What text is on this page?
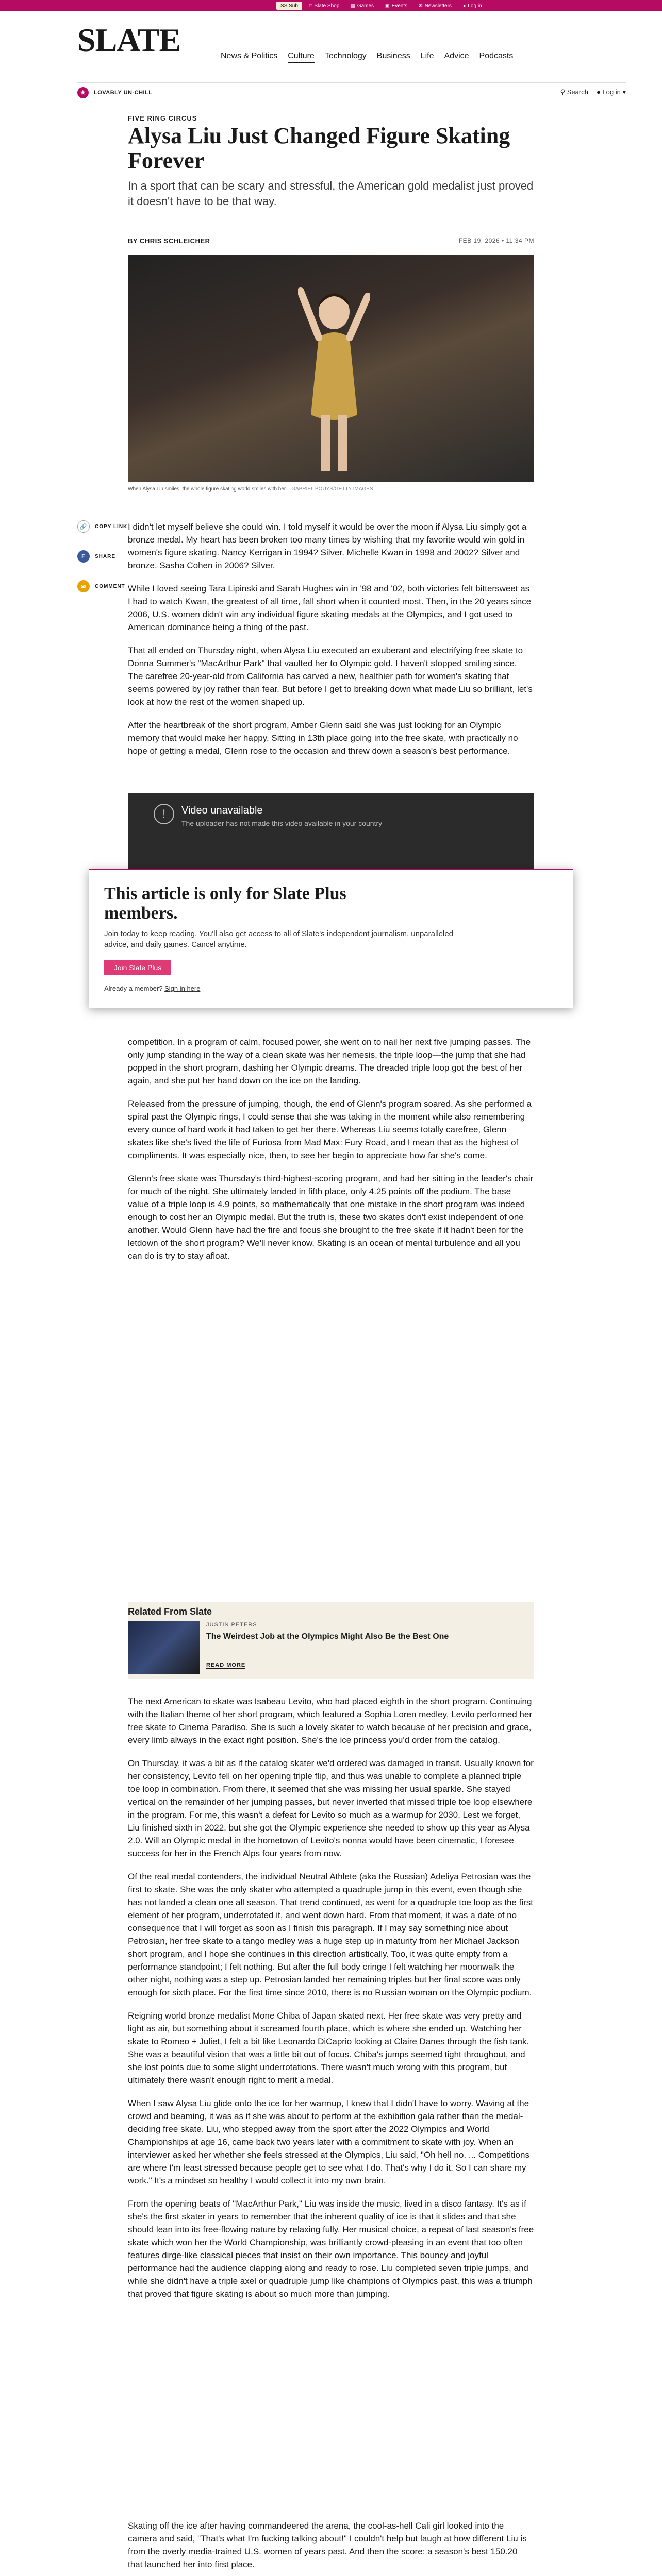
SS Sub □ Slate Shop ▦ Games ▣ Events ✉ Newsletters ● Log in
SLATE	News & Politics Culture Technology Business Life Advice Podcasts
★	LOVABLY UN-CHILL	⚲ Search ● Log in ▾
FIVE RING CIRCUS
Alysa Liu Just Changed Figure Skating Forever
In a sport that can be scary and stressful, the American gold medalist just proved it doesn't have to be that way.
BY CHRIS SCHLEICHER	FEB 19, 2026 • 11:34 PM
When Alysa Liu smiles, the whole figure skating world smiles with her. GABRIEL BOUYS/GETTY IMAGES
🔗	COPY LINK
F	SHARE
✉	COMMENT

I didn't let myself believe she could win. I told myself it would be over the moon if Alysa Liu simply got a bronze medal. My heart has been broken too many times by wishing that my favorite would win gold in women's figure skating. Nancy Kerrigan in 1994? Silver. Michelle Kwan in 1998 and 2002? Silver and bronze. Sasha Cohen in 2006? Silver.

While I loved seeing Tara Lipinski and Sarah Hughes win in '98 and '02, both victories felt bittersweet as I had to watch Kwan, the greatest of all time, fall short when it counted most. Then, in the 20 years since 2006, U.S. women didn't win any individual figure skating medals at the Olympics, and I got used to American dominance being a thing of the past.

That all ended on Thursday night, when Alysa Liu executed an exuberant and electrifying free skate to Donna Summer's "MacArthur Park" that vaulted her to Olympic gold. I haven't stopped smiling since. The carefree 20-year-old from California has carved a new, healthier path for women's skating that seems powered by joy rather than fear. But before I get to breaking down what made Liu so brilliant, let's look at how the rest of the women shaped up.

After the heartbreak of the short program, Amber Glenn said she was just looking for an Olympic memory that would make her happy. Sitting in 13th place going into the free skate, with practically no hope of getting a medal, Glenn rose to the occasion and threw down a season's best performance.

!	Video unavailable
The uploader has not made this video available in your country
This article is only for Slate Plus members.
Join today to keep reading. You'll also get access to all of Slate's independent journalism, unparalleled advice, and daily games. Cancel anytime.
Join Slate Plus
Already a member? Sign in here

competition. In a program of calm, focused power, she went on to nail her next five jumping passes. The only jump standing in the way of a clean skate was her nemesis, the triple loop—the jump that she had popped in the short program, dashing her Olympic dreams. The dreaded triple loop got the best of her again, and she put her hand down on the ice on the landing.

Released from the pressure of jumping, though, the end of Glenn's program soared. As she performed a spiral past the Olympic rings, I could sense that she was taking in the moment while also remembering every ounce of hard work it had taken to get her there. Whereas Liu seems totally carefree, Glenn skates like she's lived the life of Furiosa from Mad Max: Fury Road, and I mean that as the highest of compliments. It was especially nice, then, to see her begin to appreciate how far she's come.

Glenn's free skate was Thursday's third-highest-scoring program, and had her sitting in the leader's chair for much of the night. She ultimately landed in fifth place, only 4.25 points off the podium. The base value of a triple loop is 4.9 points, so mathematically that one mistake in the short program was indeed enough to cost her an Olympic medal. But the truth is, these two skates don't exist independent of one another. Would Glenn have had the fire and focus she brought to the free skate if it hadn't been for the letdown of the short program? We'll never know. Skating is an ocean of mental turbulence and all you can do is try to stay afloat.

Related From Slate
JUSTIN PETERS
The Weirdest Job at the Olympics Might Also Be the Best One
READ MORE

The next American to skate was Isabeau Levito, who had placed eighth in the short program. Continuing with the Italian theme of her short program, which featured a Sophia Loren medley, Levito performed her free skate to Cinema Paradiso. She is such a lovely skater to watch because of her precision and grace, every limb always in the exact right position. She's the ice princess you'd order from the catalog.

On Thursday, it was a bit as if the catalog skater we'd ordered was damaged in transit. Usually known for her consistency, Levito fell on her opening triple flip, and thus was unable to complete a planned triple toe loop in combination. From there, it seemed that she was missing her usual sparkle. She stayed vertical on the remainder of her jumping passes, but never inverted that missed triple toe loop elsewhere in the program. For me, this wasn't a defeat for Levito so much as a warmup for 2030. Lest we forget, Liu finished sixth in 2022, but she got the Olympic experience she needed to show up this year as Alysa 2.0. Will an Olympic medal in the hometown of Levito's nonna would have been cinematic, I foresee success for her in the French Alps four years from now.

Of the real medal contenders, the individual Neutral Athlete (aka the Russian) Adeliya Petrosian was the first to skate. She was the only skater who attempted a quadruple jump in this event, even though she has not landed a clean one all season. That trend continued, as went for a quadruple toe loop as the first element of her program, underrotated it, and went down hard. From that moment, it was a date of no consequence that I will forget as soon as I finish this paragraph. If I may say something nice about Petrosian, her free skate to a tango medley was a huge step up in maturity from her Michael Jackson short program, and I hope she continues in this direction artistically. Too, it was quite empty from a performance standpoint; I felt nothing. But after the full body cringe I felt watching her moonwalk the other night, nothing was a step up. Petrosian landed her remaining triples but her final score was only enough for sixth place. For the first time since 2010, there is no Russian woman on the Olympic podium.

Reigning world bronze medalist Mone Chiba of Japan skated next. Her free skate was very pretty and light as air, but something about it screamed fourth place, which is where she ended up. Watching her skate to Romeo + Juliet, I felt a bit like Leonardo DiCaprio looking at Claire Danes through the fish tank. She was a beautiful vision that was a little bit out of focus. Chiba's jumps seemed tight throughout, and she lost points due to some slight underrotations. There wasn't much wrong with this program, but ultimately there wasn't enough right to merit a medal.

When I saw Alysa Liu glide onto the ice for her warmup, I knew that I didn't have to worry. Waving at the crowd and beaming, it was as if she was about to perform at the exhibition gala rather than the medal-deciding free skate. Liu, who stepped away from the sport after the 2022 Olympics and World Championships at age 16, came back two years later with a commitment to skate with joy. When an interviewer asked her whether she feels stressed at the Olympics, Liu said, "Oh hell no. ... Competitions are where I'm least stressed because people get to see what I do. That's why I do it. So I can share my work." It's a mindset so healthy I would collect it into my own brain.

From the opening beats of "MacArthur Park," Liu was inside the music, lived in a disco fantasy. It's as if she's the first skater in years to remember that the inherent quality of ice is that it slides and that she should lean into its free-flowing nature by relaxing fully. Her musical choice, a repeat of last season's free skate which won her the World Championship, was brilliantly crowd-pleasing in an event that too often features dirge-like classical pieces that insist on their own importance. This bouncy and joyful performance had the audience clapping along and ready to rose. Liu completed seven triple jumps, and while she didn't have a triple axel or quadruple jump like champions of Olympics past, this was a triumph that proved that figure skating is about so much more than jumping.

Skating off the ice after having commandeered the arena, the cool-as-hell Cali girl looked into the camera and said, "That's what I'm fucking talking about!" I couldn't help but laugh at how different Liu is from the overly media-trained U.S. women of years past. And then the score: a season's best 150.20 that launched her into first place.
